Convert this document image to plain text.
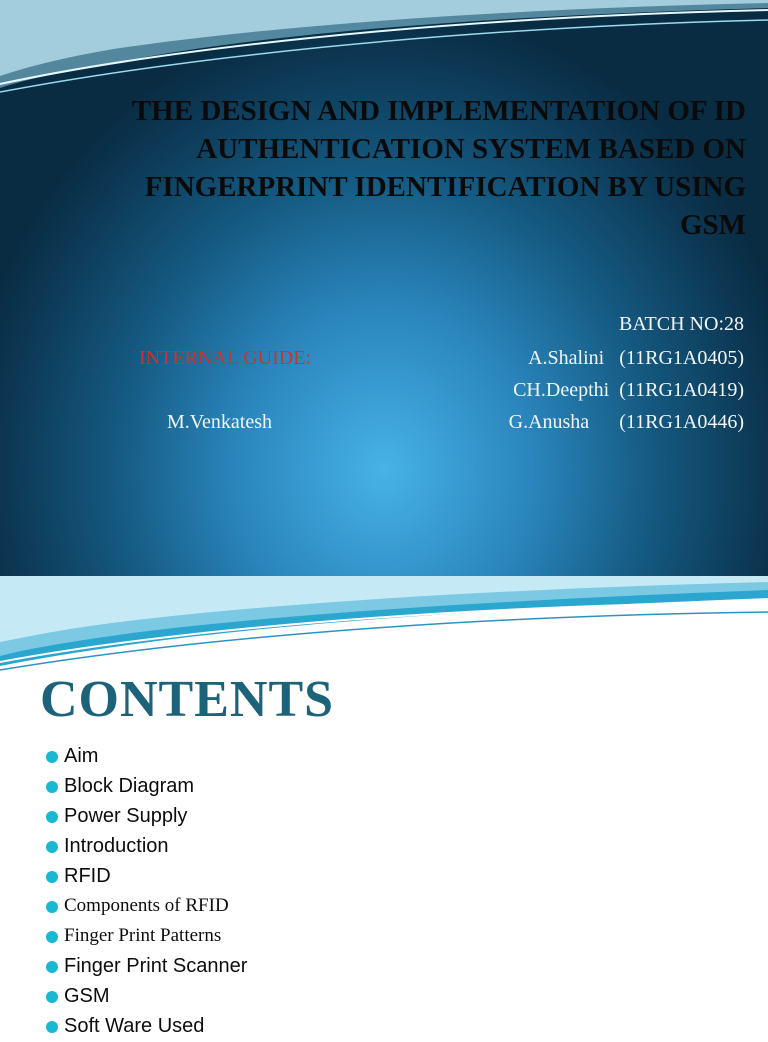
THE DESIGN AND IMPLEMENTATION OF ID AUTHENTICATION SYSTEM BASED ON FINGERPRINT IDENTIFICATION BY USING GSM
BATCH NO:28
INTERNAL GUIDE:	A.Shalini   (11RG1A0405)
CH.Deepthi  (11RG1A0419)
M.Venkatesh	G.Anusha      (11RG1A0446)
CONTENTS
Aim
Block Diagram
Power Supply
Introduction
RFID
Components of RFID
Finger Print Patterns
Finger Print Scanner
GSM
Soft Ware Used
